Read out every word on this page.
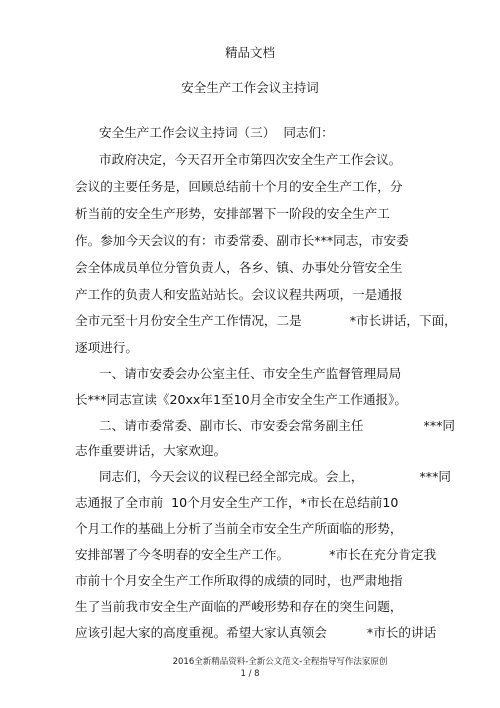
精品文档
安全生产工作会议主持词
安全生产工作会议主持词（三）  同志们：
市政府决定，今天召开全市第四次安全生产工作会议。
会议的主要任务是，回顾总结前十个月的安全生产工作，分
析当前的安全生产形势，安排部署下一阶段的安全生产工
作。参加今天会议的有：市委常委、副市长***同志，市安委
会全体成员单位分管负责人，各乡、镇、办事处分管安全生
产工作的负责人和安监站站长。会议议程共两项，一是通报
全市元至十月份安全生产工作情况，二是            *市长讲话，下面，
逐项进行。
一、请市安委会办公室主任、市安全生产监督管理局局
长***同志宣读《20xx年1至10月全市安全生产工作通报》。
二、请市委常委、副市长、市安委会常务副主任               ***同
志作重要讲话，大家欢迎。
同志们，今天会议的议程已经全部完成。会上，              ***同
志通报了全市前  10个月安全生产工作，*市长在总结前10
个月工作的基础上分析了当前全市安全生产所面临的形势，
安排部署了今冬明春的安全生产工作。          *市长在充分肯定我
市前十个月安全生产工作所取得的成绩的同时，也严肃地指
生了当前我市安全生产面临的严峻形势和存在的突生问题，
应该引起大家的高度重视。希望大家认真领会          *市长的讲话
2016全新精品资料-全新公文范文-全程指导写作法家原创
1 / 8
